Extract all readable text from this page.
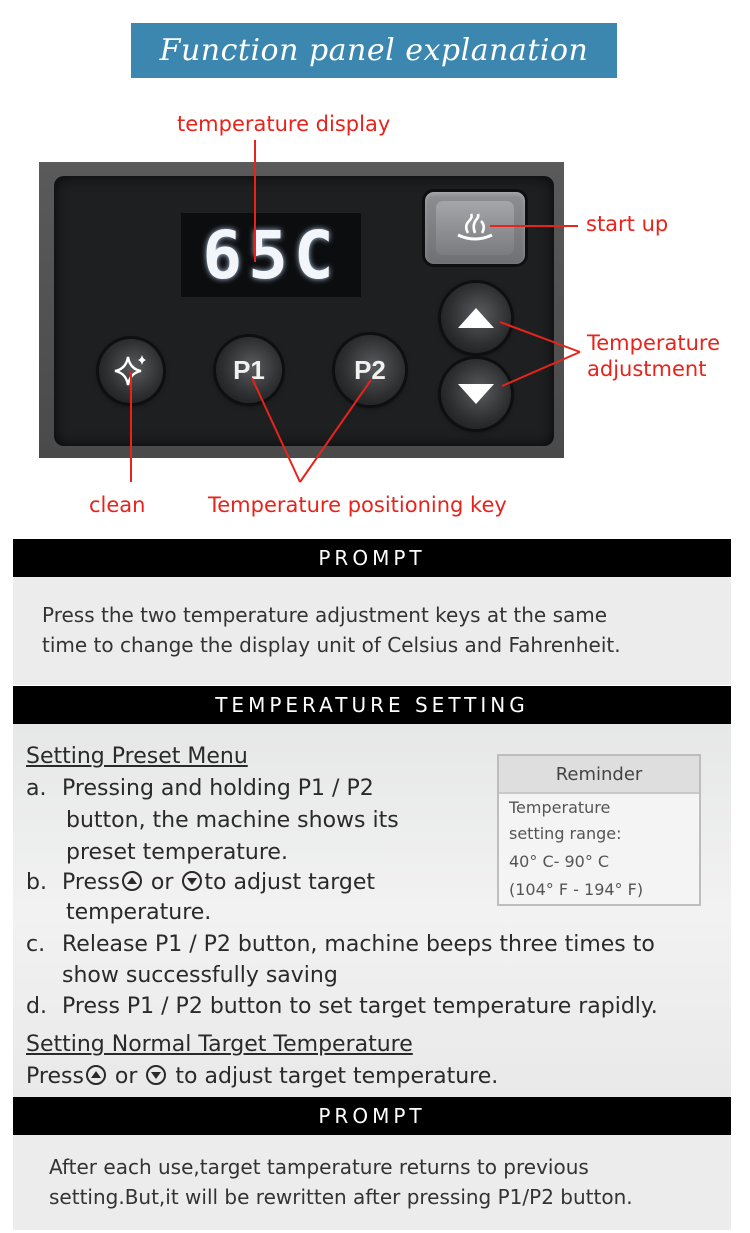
Function panel explanation
temperature display
start up
Temperature
adjustment
clean	Temperature positioning key
65C
P1	P2
PROMPT
Press the two temperature adjustment keys at the same
time to change the display unit of Celsius and Fahrenheit.
TEMPERATURE SETTING
Setting Preset Menu
a. Pressing and holding P1 / P2
button, the machine shows its
preset temperature.
b. Press or to adjust target
temperature.
c. Release P1 / P2 button, machine beeps three times to
show successfully saving
d. Press P1 / P2 button to set target temperature rapidly.
Setting Normal Target Temperature
Press or to adjust target temperature.
Reminder
Temperature
setting range:
40° C- 90° C
(104° F - 194° F)
PROMPT
After each use,target tamperature returns to previous
setting.But,it will be rewritten after pressing P1/P2 button.
